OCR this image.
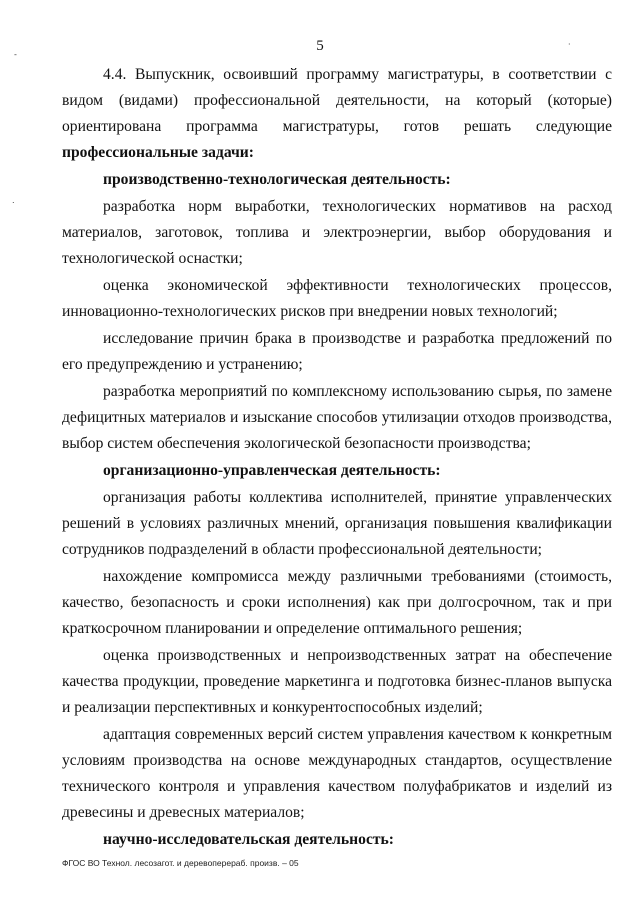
-
.
·
5

4.4. Выпускник, освоивший программу магистратуры, в соответствии с видом (видами) профессиональной деятельности, на который (которые) ориентирована программа магистратуры, готов решать следующие профессиональные задачи:

производственно-технологическая деятельность:

разработка норм выработки, технологических нормативов на расход материалов, заготовок, топлива и электроэнергии, выбор оборудования и технологической оснастки;

оценка экономической эффективности технологических процессов, инновационно-технологических рисков при внедрении новых технологий;

исследование причин брака в производстве и разработка предложений по его предупреждению и устранению;

разработка мероприятий по комплексному использованию сырья, по замене дефицитных материалов и изыскание способов утилизации отходов производства, выбор систем обеспечения экологической безопасности производства;

организационно-управленческая деятельность:

организация работы коллектива исполнителей, принятие управленческих решений в условиях различных мнений, организация повышения квалификации сотрудников подразделений в области профессиональной деятельности;

нахождение компромисса между различными требованиями (стоимость, качество, безопасность и сроки исполнения) как при долгосрочном, так и при краткосрочном планировании и определение оптимального решения;

оценка производственных и непроизводственных затрат на обеспечение качества продукции, проведение маркетинга и подготовка бизнес-планов выпуска и реализации перспективных и конкурентоспособных изделий;

адаптация современных версий систем управления качеством к конкретным условиям производства на основе международных стандартов, осуществление технического контроля и управления качеством полуфабрикатов и изделий из древесины и древесных материалов;

научно-исследовательская деятельность:

ФГОС ВО Технол. лесозагот. и деревоперераб. произв. – 05
